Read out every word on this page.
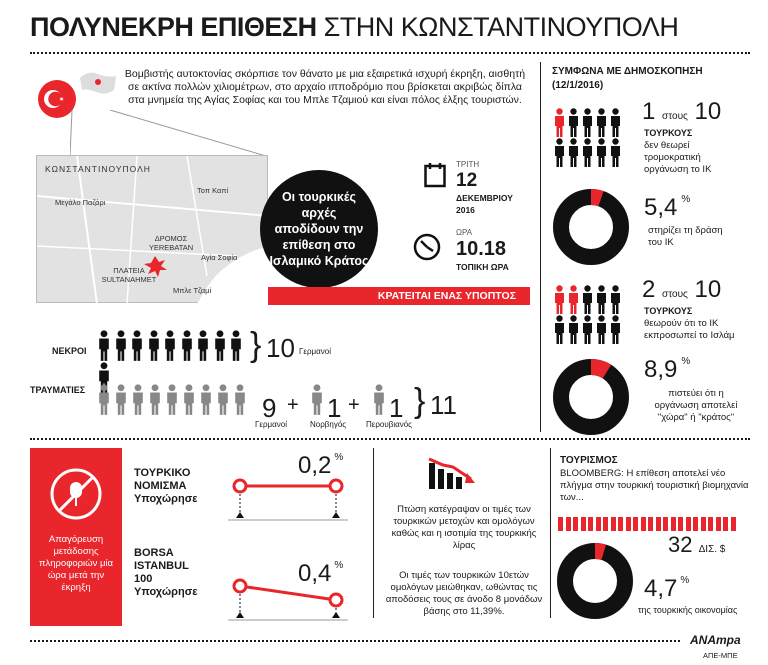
ΠΟΛΥΝΕΚΡΗ ΕΠΙΘΕΣΗ ΣΤΗΝ ΚΩΝΣΤΑΝΤΙΝΟΥΠΟΛΗ
Βομβιστής αυτοκτονίας σκόρπισε τον θάνατο με μια εξαιρετικά ισχυρή έκρηξη, αισθητή σε ακτίνα πολλών χιλιομέτρων, στο αρχαίο ιπποδρόμιο που βρίσκεται ακριβώς δίπλα στα μνημεία της Αγίας Σοφίας και του Μπλε Τζαμιού και είναι πόλος έλξης τουριστών.
ΚΩΝΣΤΑΝΤΙΝΟΥΠΟΛΗ
Μεγάλο Παζάρι
Τοπ Καπί
ΔΡΟΜΟΣ YEREBATAN
Αγία Σοφία
ΠΛΑΤΕΙΑ SULTANAHMET
Μπλε Τζαμί
Οι τουρκικές αρχές αποδίδουν την επίθεση στο Ισλαμικό Κράτος
ΚΡΑΤΕΙΤΑΙ ΕΝΑΣ ΥΠΟΠΤΟΣ
ΤΡΙΤΗ
12
ΔΕΚΕΜΒΡΙΟΥ
2016
ΩΡΑ
10.18
ΤΟΠΙΚΗ ΩΡΑ
ΝΕΚΡΟΙ	} 10 Γερμανοί
ΤΡΑΥΜΑΤΙΕΣ
9
Γερμανοί
+ 1
Νορβηγός
+ 1
Περουβιανός
} 11
ΣΥΜΦΩΝΑ ΜΕ ΔΗΜΟΣΚΟΠΗΣΗ
(12/1/2016)

1 στους 10
ΤΟΥΡΚΟΥΣ
δεν θεωρεί τρομοκρατική οργάνωση το ΙΚ
5,4 %
στηρίζει τη δράση του ΙΚ

2 στους 10
ΤΟΥΡΚΟΥΣ
θεωρούν ότι το ΙΚ εκπροσωπεί το Ισλάμ
8,9 %
πιστεύει ότι η οργάνωση αποτελεί "χώρα" ή "κράτος"
Απαγόρευση μετάδοσης πληροφοριών μία ώρα μετά την έκρηξη
ΤΟΥΡΚΙΚΟ
ΝΟΜΙΣΜΑ
Υποχώρησε
0,2 %
BORSA
ISTANBUL
100
Υποχώρησε
0,4 %
Πτώση κατέγραψαν οι τιμές των τουρκικών μετοχών και ομολόγων καθώς και η ισοτιμία της τουρκικής λίρας
Οι τιμές των τουρκικών 10ετών ομολόγων μειώθηκαν, ωθώντας τις αποδόσεις τους σε άνοδο 8 μονάδων βάσης στο 11,39%.
ΤΟΥΡΙΣΜΟΣ
BLOOMBERG: Η επίθεση αποτελεί νέο πλήγμα στην τουρκική τουριστική βιομηχανία των...
32 ΔΙΣ. $
4,7 %
της τουρκικής οικονομίας
ΑΝΑmpa
ΑΠΕ-ΜΠΕ
